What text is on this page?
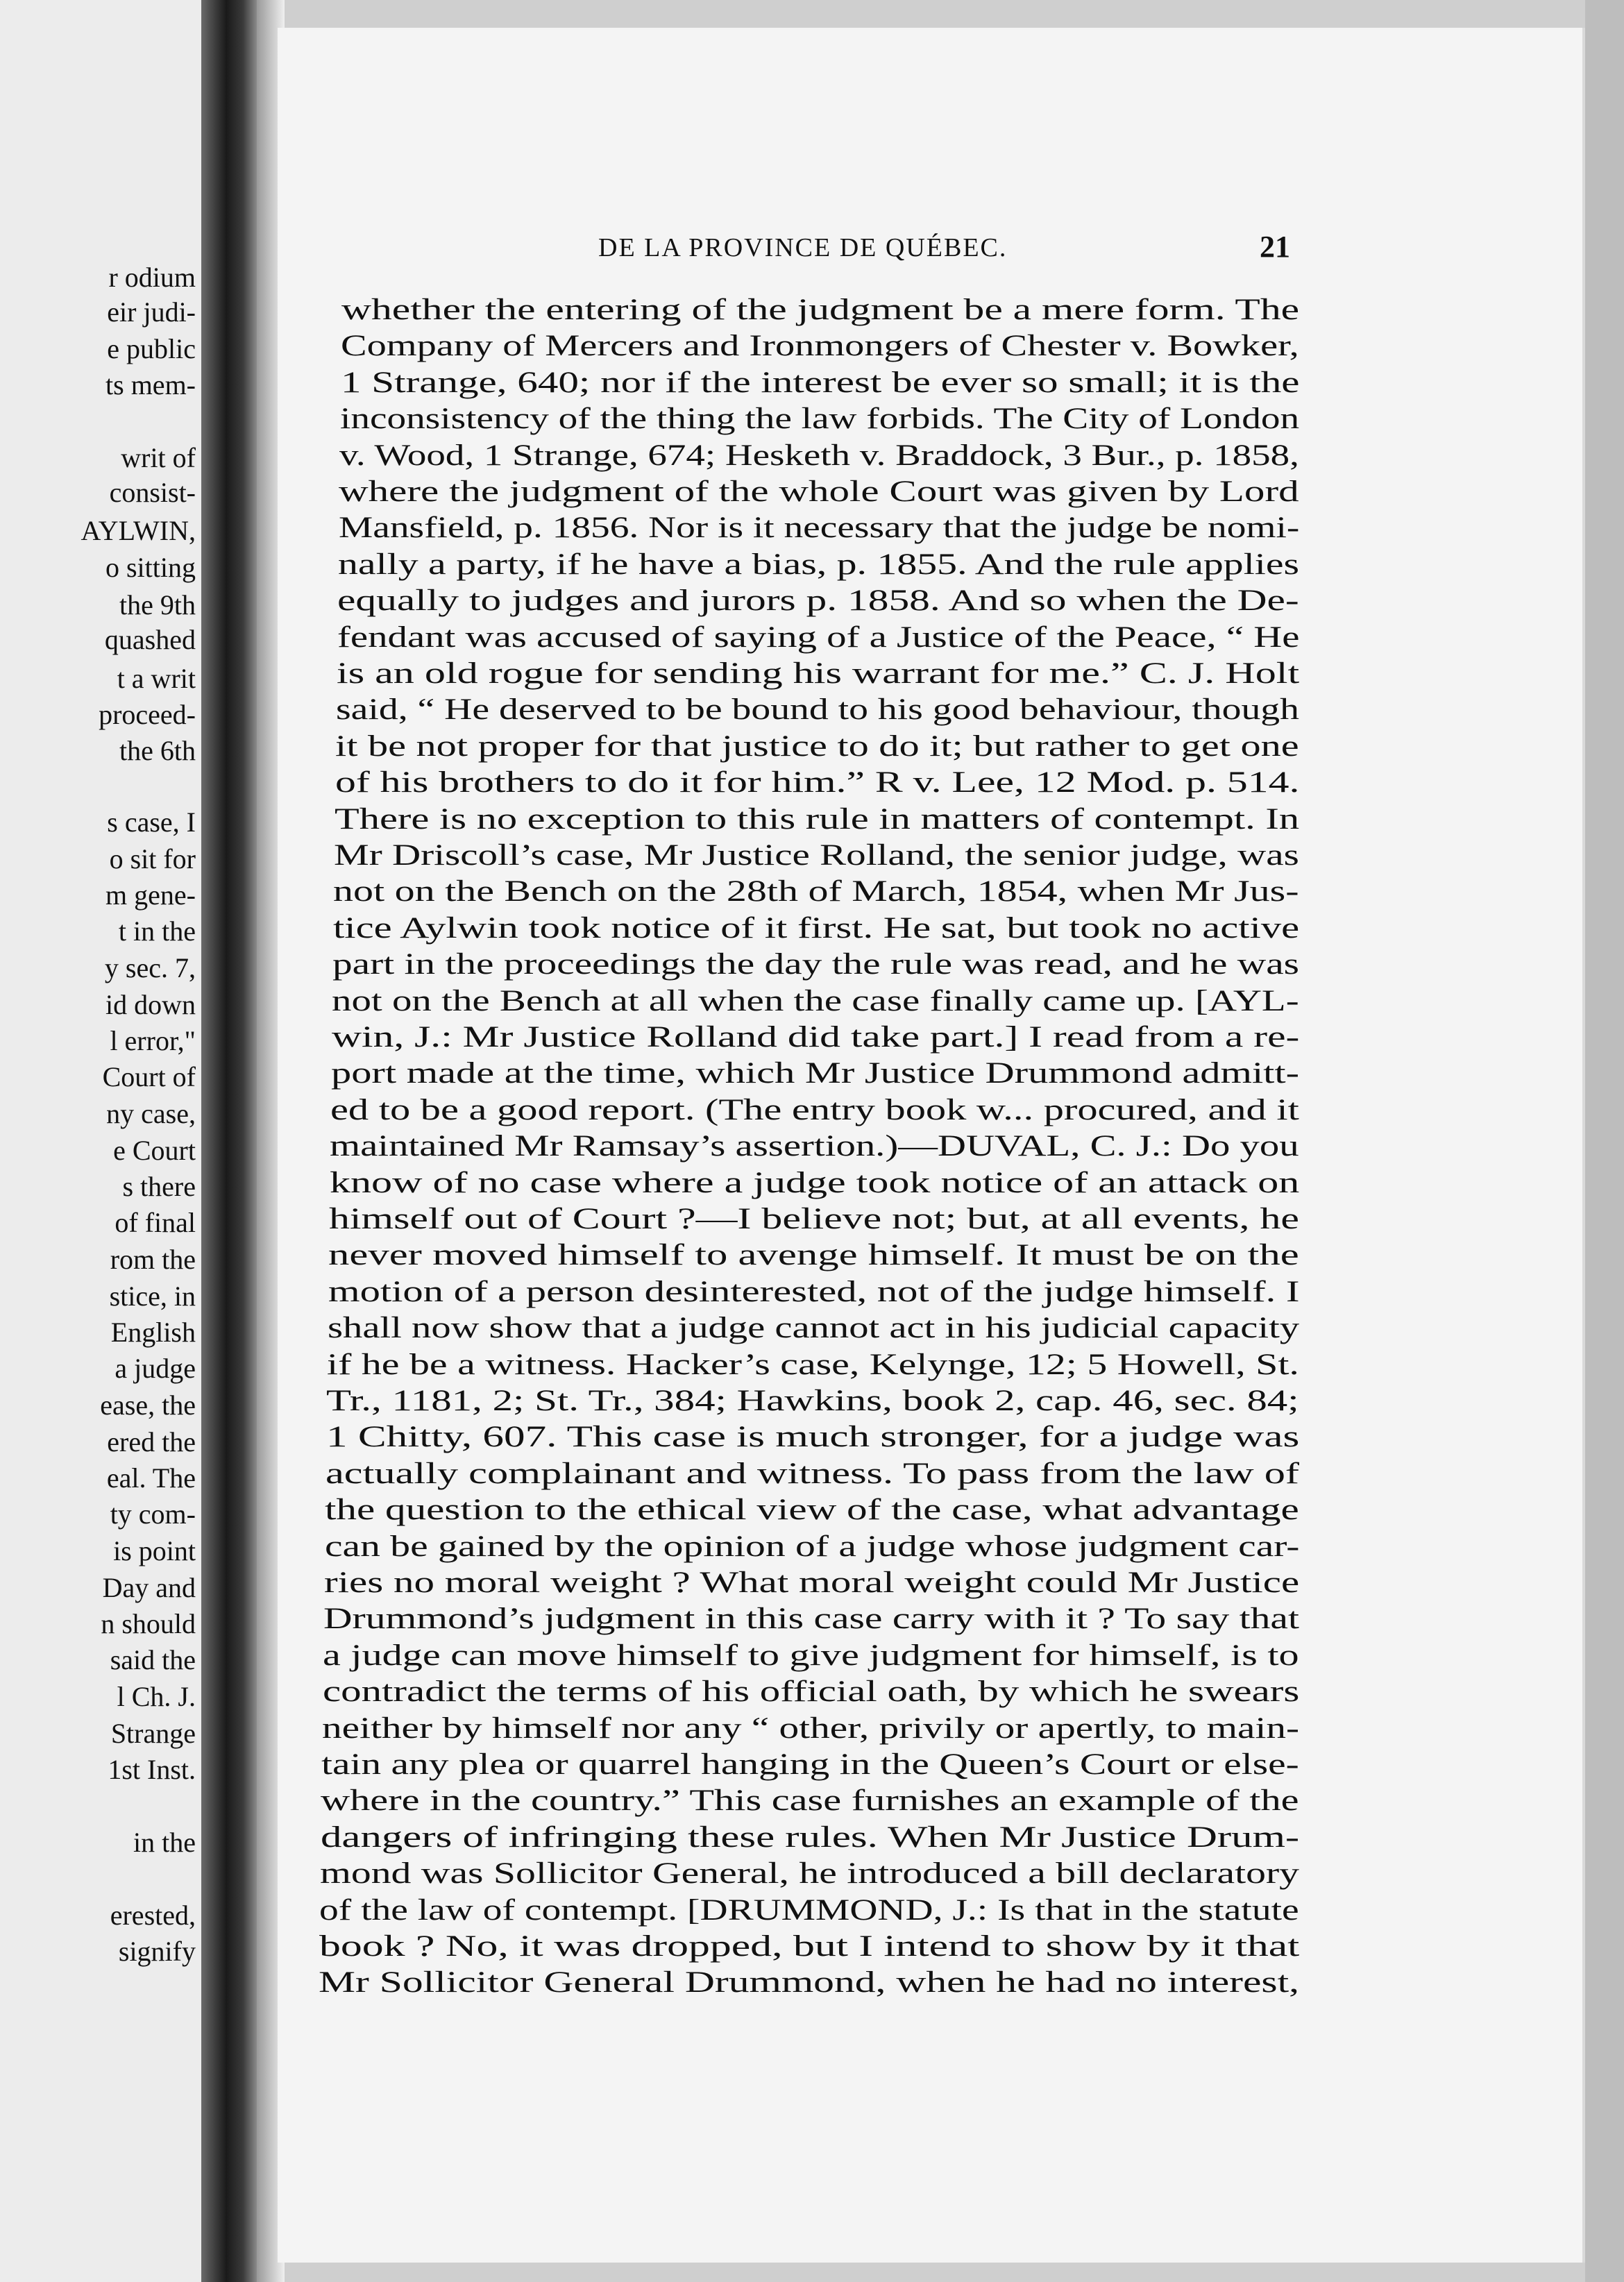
r odium
eir judi-
e public
ts mem-
writ of
consist-
AYLWIN,
o sitting
the 9th
quashed
t a writ
proceed-
the 6th
s case, I
o sit for
m gene-
t in the
y sec. 7,
id down
l error,"
Court of
ny case,
e Court
s there
of final
rom the
stice, in
English
a judge
ease, the
ered the
eal. The
ty com-
is point
Day and
n should
said the
l Ch. J.
Strange
1st Inst.
in the
erested,
signify
DE LA PROVINCE DE QUÉBEC.	21
whether the entering of the judgment be a mere form. The
Company of Mercers and Ironmongers of Chester v. Bowker,
1 Strange, 640; nor if the interest be ever so small; it is the
inconsistency of the thing the law forbids. The City of London
v. Wood, 1 Strange, 674; Hesketh v. Braddock, 3 Bur., p. 1858,
where the judgment of the whole Court was given by Lord
Mansfield, p. 1856. Nor is it necessary that the judge be nomi-
nally a party, if he have a bias, p. 1855. And the rule applies
equally to judges and jurors p. 1858. And so when the De-
fendant was accused of saying of a Justice of the Peace, “ He
is an old rogue for sending his warrant for me.” C. J. Holt
said, “ He deserved to be bound to his good behaviour, though
it be not proper for that justice to do it; but rather to get one
of his brothers to do it for him.” R v. Lee, 12 Mod. p. 514.
There is no exception to this rule in matters of contempt. In
Mr Driscoll’s case, Mr Justice Rolland, the senior judge, was
not on the Bench on the 28th of March, 1854, when Mr Jus-
tice Aylwin took notice of it first. He sat, but took no active
part in the proceedings the day the rule was read, and he was
not on the Bench at all when the case finally came up. [AYL-
win, J.: Mr Justice Rolland did take part.] I read from a re-
port made at the time, which Mr Justice Drummond admitt-
ed to be a good report. (The entry book w... procured, and it
maintained Mr Ramsay’s assertion.)—DUVAL, C. J.: Do you
know of no case where a judge took notice of an attack on
himself out of Court ?—I believe not; but, at all events, he
never moved himself to avenge himself. It must be on the
motion of a person desinterested, not of the judge himself. I
shall now show that a judge cannot act in his judicial capacity
if he be a witness. Hacker’s case, Kelynge, 12; 5 Howell, St.
Tr., 1181, 2; St. Tr., 384; Hawkins, book 2, cap. 46, sec. 84;
1 Chitty, 607. This case is much stronger, for a judge was
actually complainant and witness. To pass from the law of
the question to the ethical view of the case, what advantage
can be gained by the opinion of a judge whose judgment car-
ries no moral weight ? What moral weight could Mr Justice
Drummond’s judgment in this case carry with it ? To say that
a judge can move himself to give judgment for himself, is to
contradict the terms of his official oath, by which he swears
neither by himself nor any “ other, privily or apertly, to main-
tain any plea or quarrel hanging in the Queen’s Court or else-
where in the country.” This case furnishes an example of the
dangers of infringing these rules. When Mr Justice Drum-
mond was Sollicitor General, he introduced a bill declaratory
of the law of contempt. [DRUMMOND, J.: Is that in the statute
book ? No, it was dropped, but I intend to show by it that
Mr Sollicitor General Drummond, when he had no interest,
